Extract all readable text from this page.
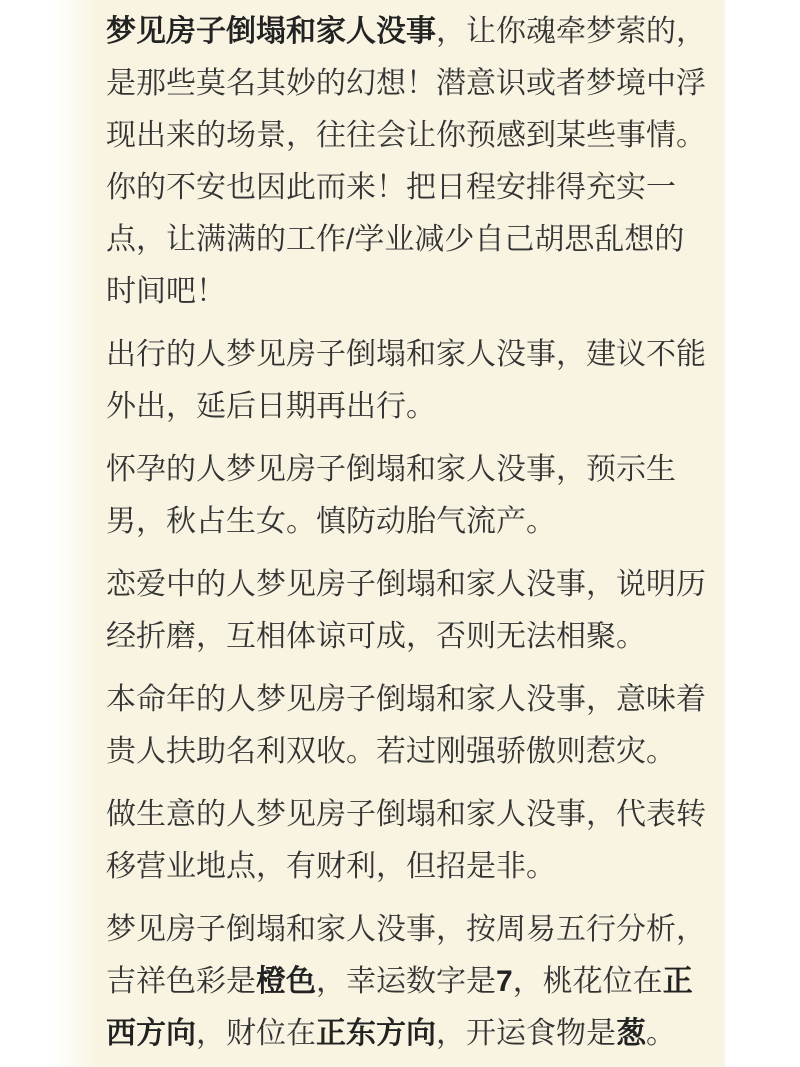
梦见房子倒塌和家人没事，让你魂牵梦萦的，是那些莫名其妙的幻想！潜意识或者梦境中浮现出来的场景，往往会让你预感到某些事情。你的不安也因此而来！把日程安排得充实一点，让满满的工作/学业减少自己胡思乱想的时间吧！

出行的人梦见房子倒塌和家人没事，建议不能外出，延后日期再出行。

怀孕的人梦见房子倒塌和家人没事，预示生男，秋占生女。慎防动胎气流产。

恋爱中的人梦见房子倒塌和家人没事，说明历经折磨，互相体谅可成，否则无法相聚。

本命年的人梦见房子倒塌和家人没事，意味着贵人扶助名利双收。若过刚强骄傲则惹灾。

做生意的人梦见房子倒塌和家人没事，代表转移营业地点，有财利，但招是非。

梦见房子倒塌和家人没事，按周易五行分析，吉祥色彩是橙色，幸运数字是7，桃花位在正西方向，财位在正东方向，开运食物是葱。
